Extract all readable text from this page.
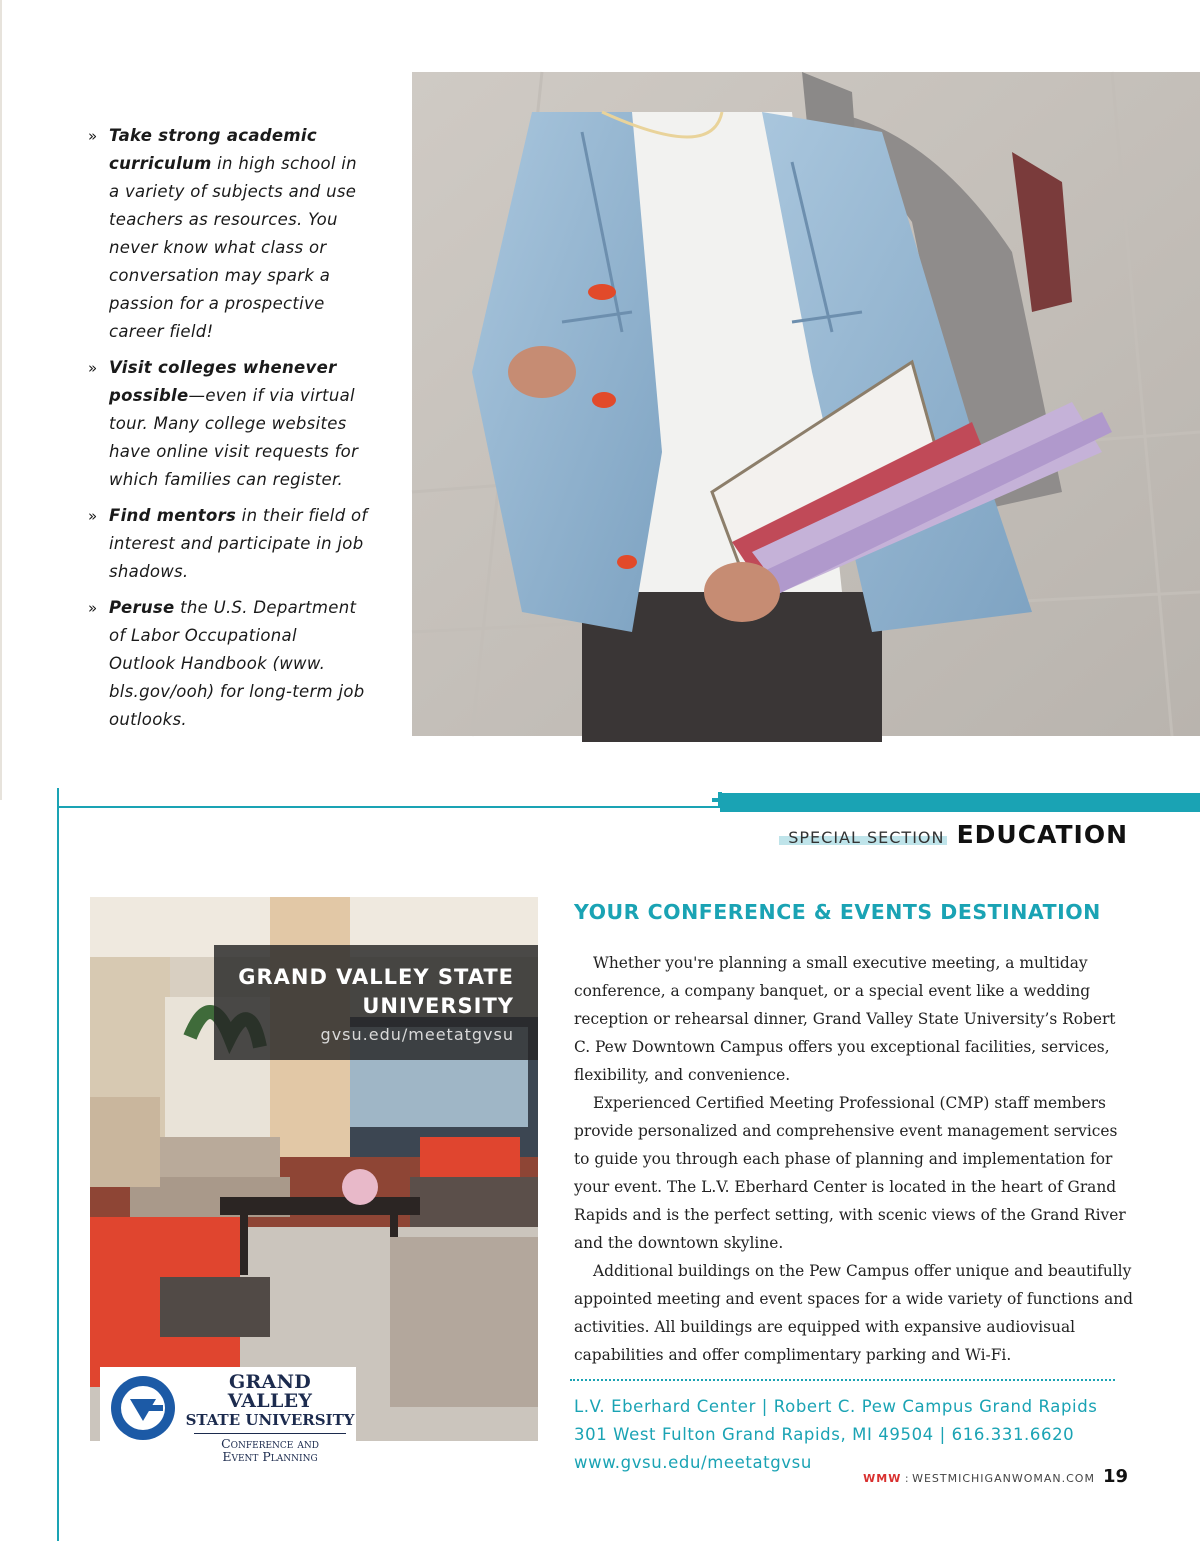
» Take strong academic curriculum in high school in a variety of subjects and use teachers as resources. You never know what class or conversation may spark a passion for a prospective career field!
» Visit colleges whenever possible—even if via virtual tour. Many college websites have online visit requests for which families can register.
» Find mentors in their field of interest and participate in job shadows.
» Peruse the U.S. Department of Labor Occupational Outlook Handbook (www. bls.gov/ooh) for long-term job outlooks.
SPECIAL SECTION EDUCATION
GRAND VALLEY STATE
UNIVERSITY
gvsu.edu/meetatgvsu
GRAND VALLEY
STATE UNIVERSITY
Conference and
Event Planning
YOUR CONFERENCE & EVENTS DESTINATION

Whether you're planning a small executive meeting, a multiday conference, a company banquet, or a special event like a wedding reception or rehearsal dinner, Grand Valley State University’s Robert C. Pew Downtown Campus offers you exceptional facilities, services, flexibility, and convenience.

Experienced Certified Meeting Professional (CMP) staff members provide personalized and comprehensive event management services to guide you through each phase of planning and implementation for your event. The L.V. Eberhard Center is located in the heart of Grand Rapids and is the perfect setting, with scenic views of the Grand River and the downtown skyline.

Additional buildings on the Pew Campus offer unique and beautifully appointed meeting and event spaces for a wide variety of functions and activities. All buildings are equipped with expansive audiovisual capabilities and offer complimentary parking and Wi-Fi.

L.V. Eberhard Center | Robert C. Pew Campus Grand Rapids
301 West Fulton Grand Rapids, MI 49504 | 616.331.6620
www.gvsu.edu/meetatgvsu
WMW : WESTMICHIGANWOMAN.COM 19
